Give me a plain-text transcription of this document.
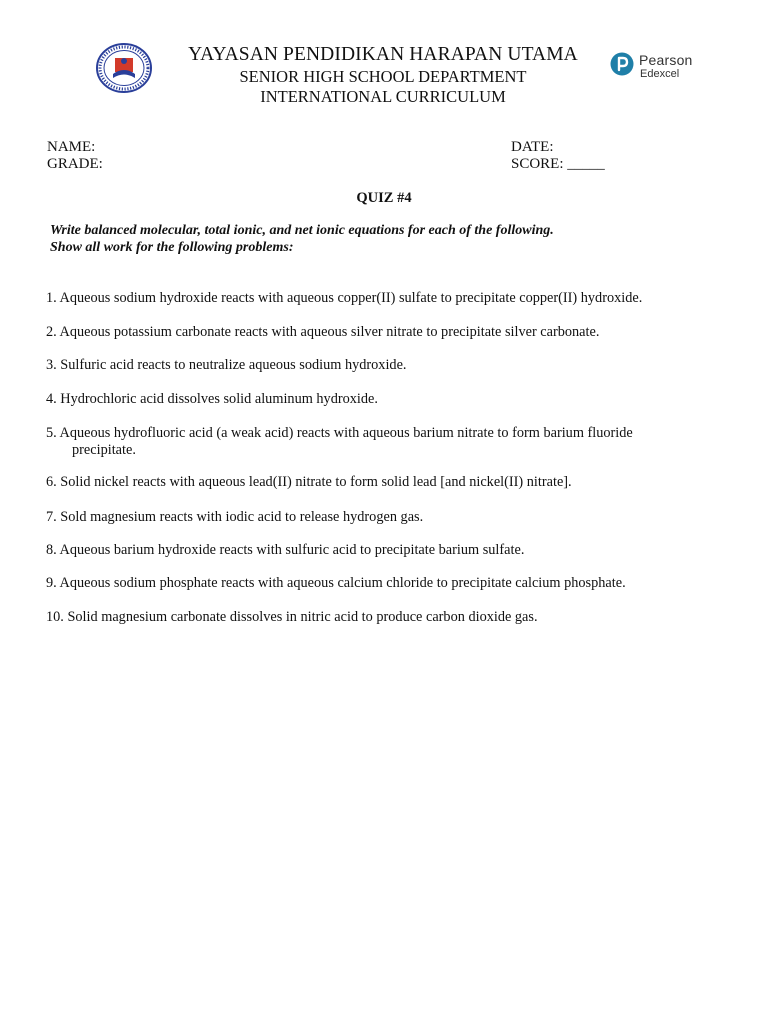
Pearson
Edexcel
YAYASAN PENDIDIKAN HARAPAN UTAMA
SENIOR HIGH SCHOOL DEPARTMENT
INTERNATIONAL CURRICULUM
NAME:
GRADE:
DATE:
SCORE: _____
QUIZ #4
Write balanced molecular, total ionic, and net ionic equations for each of the following.
Show all work for the following problems:
1. Aqueous sodium hydroxide reacts with aqueous copper(II) sulfate to precipitate copper(II) hydroxide.
2. Aqueous potassium carbonate reacts with aqueous silver nitrate to precipitate silver carbonate.
3. Sulfuric acid reacts to neutralize aqueous sodium hydroxide.
4. Hydrochloric acid dissolves solid aluminum hydroxide.
5. Aqueous hydrofluoric acid (a weak acid) reacts with aqueous barium nitrate to form barium fluoride
precipitate.
6. Solid nickel reacts with aqueous lead(II) nitrate to form solid lead [and nickel(II) nitrate].
7. Sold magnesium reacts with iodic acid to release hydrogen gas.
8. Aqueous barium hydroxide reacts with sulfuric acid to precipitate barium sulfate.
9. Aqueous sodium phosphate reacts with aqueous calcium chloride to precipitate calcium phosphate.
10. Solid magnesium carbonate dissolves in nitric acid to produce carbon dioxide gas.
